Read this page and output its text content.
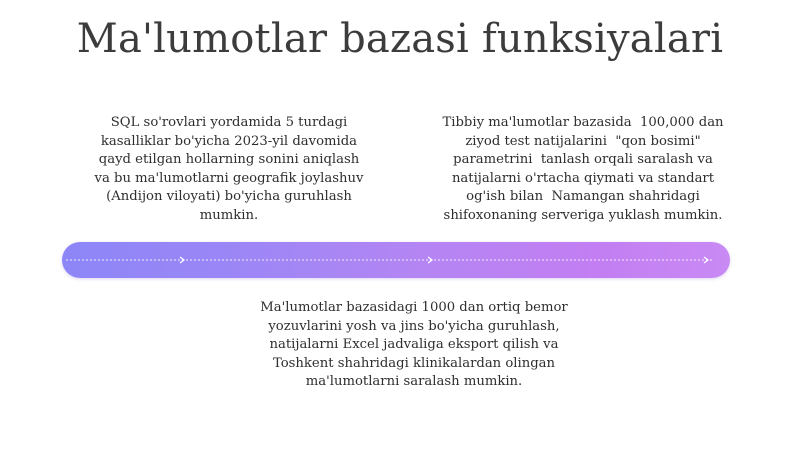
Ma'lumotlar bazasi funksiyalari
SQL so'rovlari yordamida 5 turdagi
kasalliklar bo'yicha 2023-yil davomida
qayd etilgan hollarning sonini aniqlash
va bu ma'lumotlarni geografik joylashuv
(Andijon viloyati) bo'yicha guruhlash
mumkin.
Tibbiy ma'lumotlar bazasida  100,000 dan
ziyod test natijalarini  "qon bosimi"
parametrini  tanlash orqali saralash va
natijalarni o'rtacha qiymati va standart
og'ish bilan  Namangan shahridagi
shifoxonaning serveriga yuklash mumkin.
Ma'lumotlar bazasidagi 1000 dan ortiq bemor
yozuvlarini yosh va jins bo'yicha guruhlash,
natijalarni Excel jadvaliga eksport qilish va
Toshkent shahridagi klinikalardan olingan
ma'lumotlarni saralash mumkin.
